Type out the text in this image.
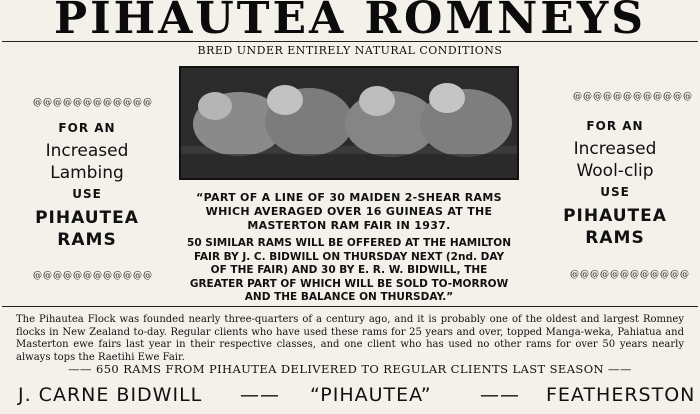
PIHAUTEA ROMNEYS
BRED UNDER ENTIRELY NATURAL CONDITIONS
@@@@@@@@@@@@
FOR AN
Increased
Lambing
USE
PIHAUTEA
RAMS
@@@@@@@@@@@@
@@@@@@@@@@@@
FOR AN
Increased
Wool-clip
USE
PIHAUTEA
RAMS
@@@@@@@@@@@@
“PART OF A LINE OF 30 MAIDEN 2-SHEAR RAMS
WHICH AVERAGED OVER 16 GUINEAS AT THE
MASTERTON RAM FAIR IN 1937.
50 SIMILAR RAMS WILL BE OFFERED AT THE HAMILTON
FAIR BY J. C. BIDWILL ON THURSDAY NEXT (2nd. DAY
OF THE FAIR) AND 30 BY E. R. W. BIDWILL, THE
GREATER PART OF WHICH WILL BE SOLD TO-MORROW
AND THE BALANCE ON THURSDAY.”
The Pihautea Flock was founded nearly three-quarters of a century ago, and it is probably one of the oldest and largest Romney flocks in New Zealand to-day. Regular clients who have used these rams for 25 years and over, topped Manga-weka, Pahiatua and Masterton ewe fairs last year in their respective classes, and one client who has used no other rams for over 50 years nearly always tops the Raetihi Ewe Fair.
—— 650 RAMS FROM PIHAUTEA DELIVERED TO REGULAR CLIENTS LAST SEASON ——
J. CARNE BIDWILL —— “PIHAUTEA”	—— FEATHERSTON
